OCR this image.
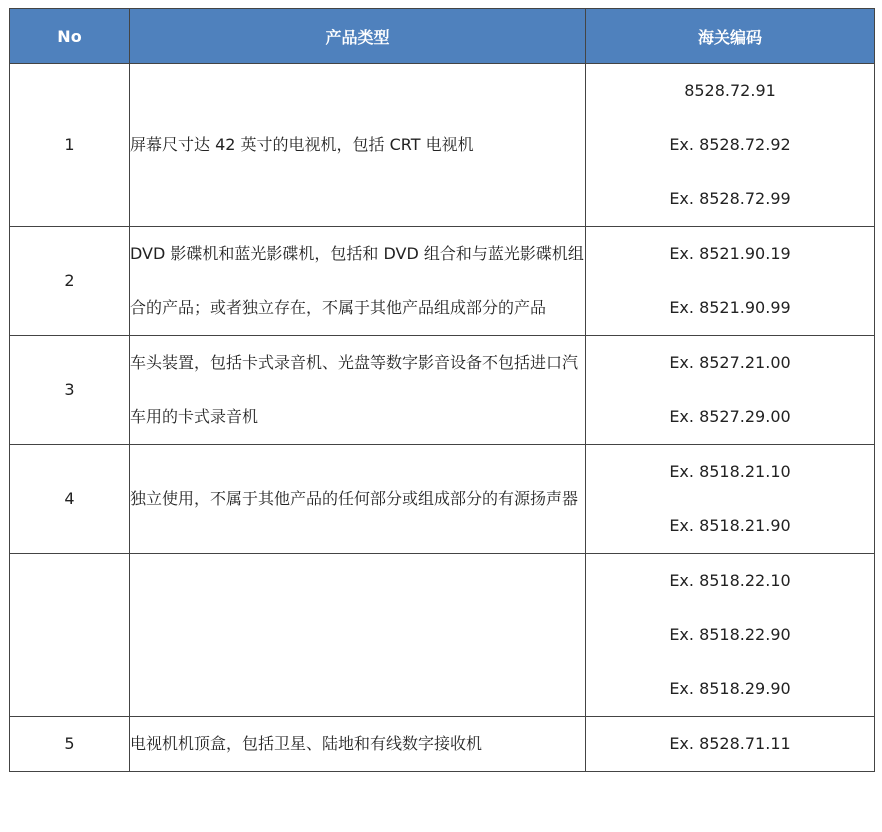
No	产品类型	海关编码
1	屏幕尺寸达 42 英寸的电视机，包括 CRT 电视机	8528.72.91
Ex. 8528.72.92
Ex. 8528.72.99

2	DVD 影碟机和蓝光影碟机，包括和 DVD 组合和与蓝光影碟机组合的产品；或者独立存在，不属于其他产品组成部分的产品	Ex. 8521.90.19
Ex. 8521.90.99

3	车头装置，包括卡式录音机、光盘等数字影音设备不包括进口汽车用的卡式录音机	Ex. 8527.21.00
Ex. 8527.29.00

4	独立使用，不属于其他产品的任何部分或组成部分的有源扬声器	Ex. 8518.21.10
Ex. 8518.21.90

		Ex. 8518.22.10
Ex. 8518.22.90
Ex. 8518.29.90

5	电视机机顶盒，包括卫星、陆地和有线数字接收机	Ex. 8528.71.11
